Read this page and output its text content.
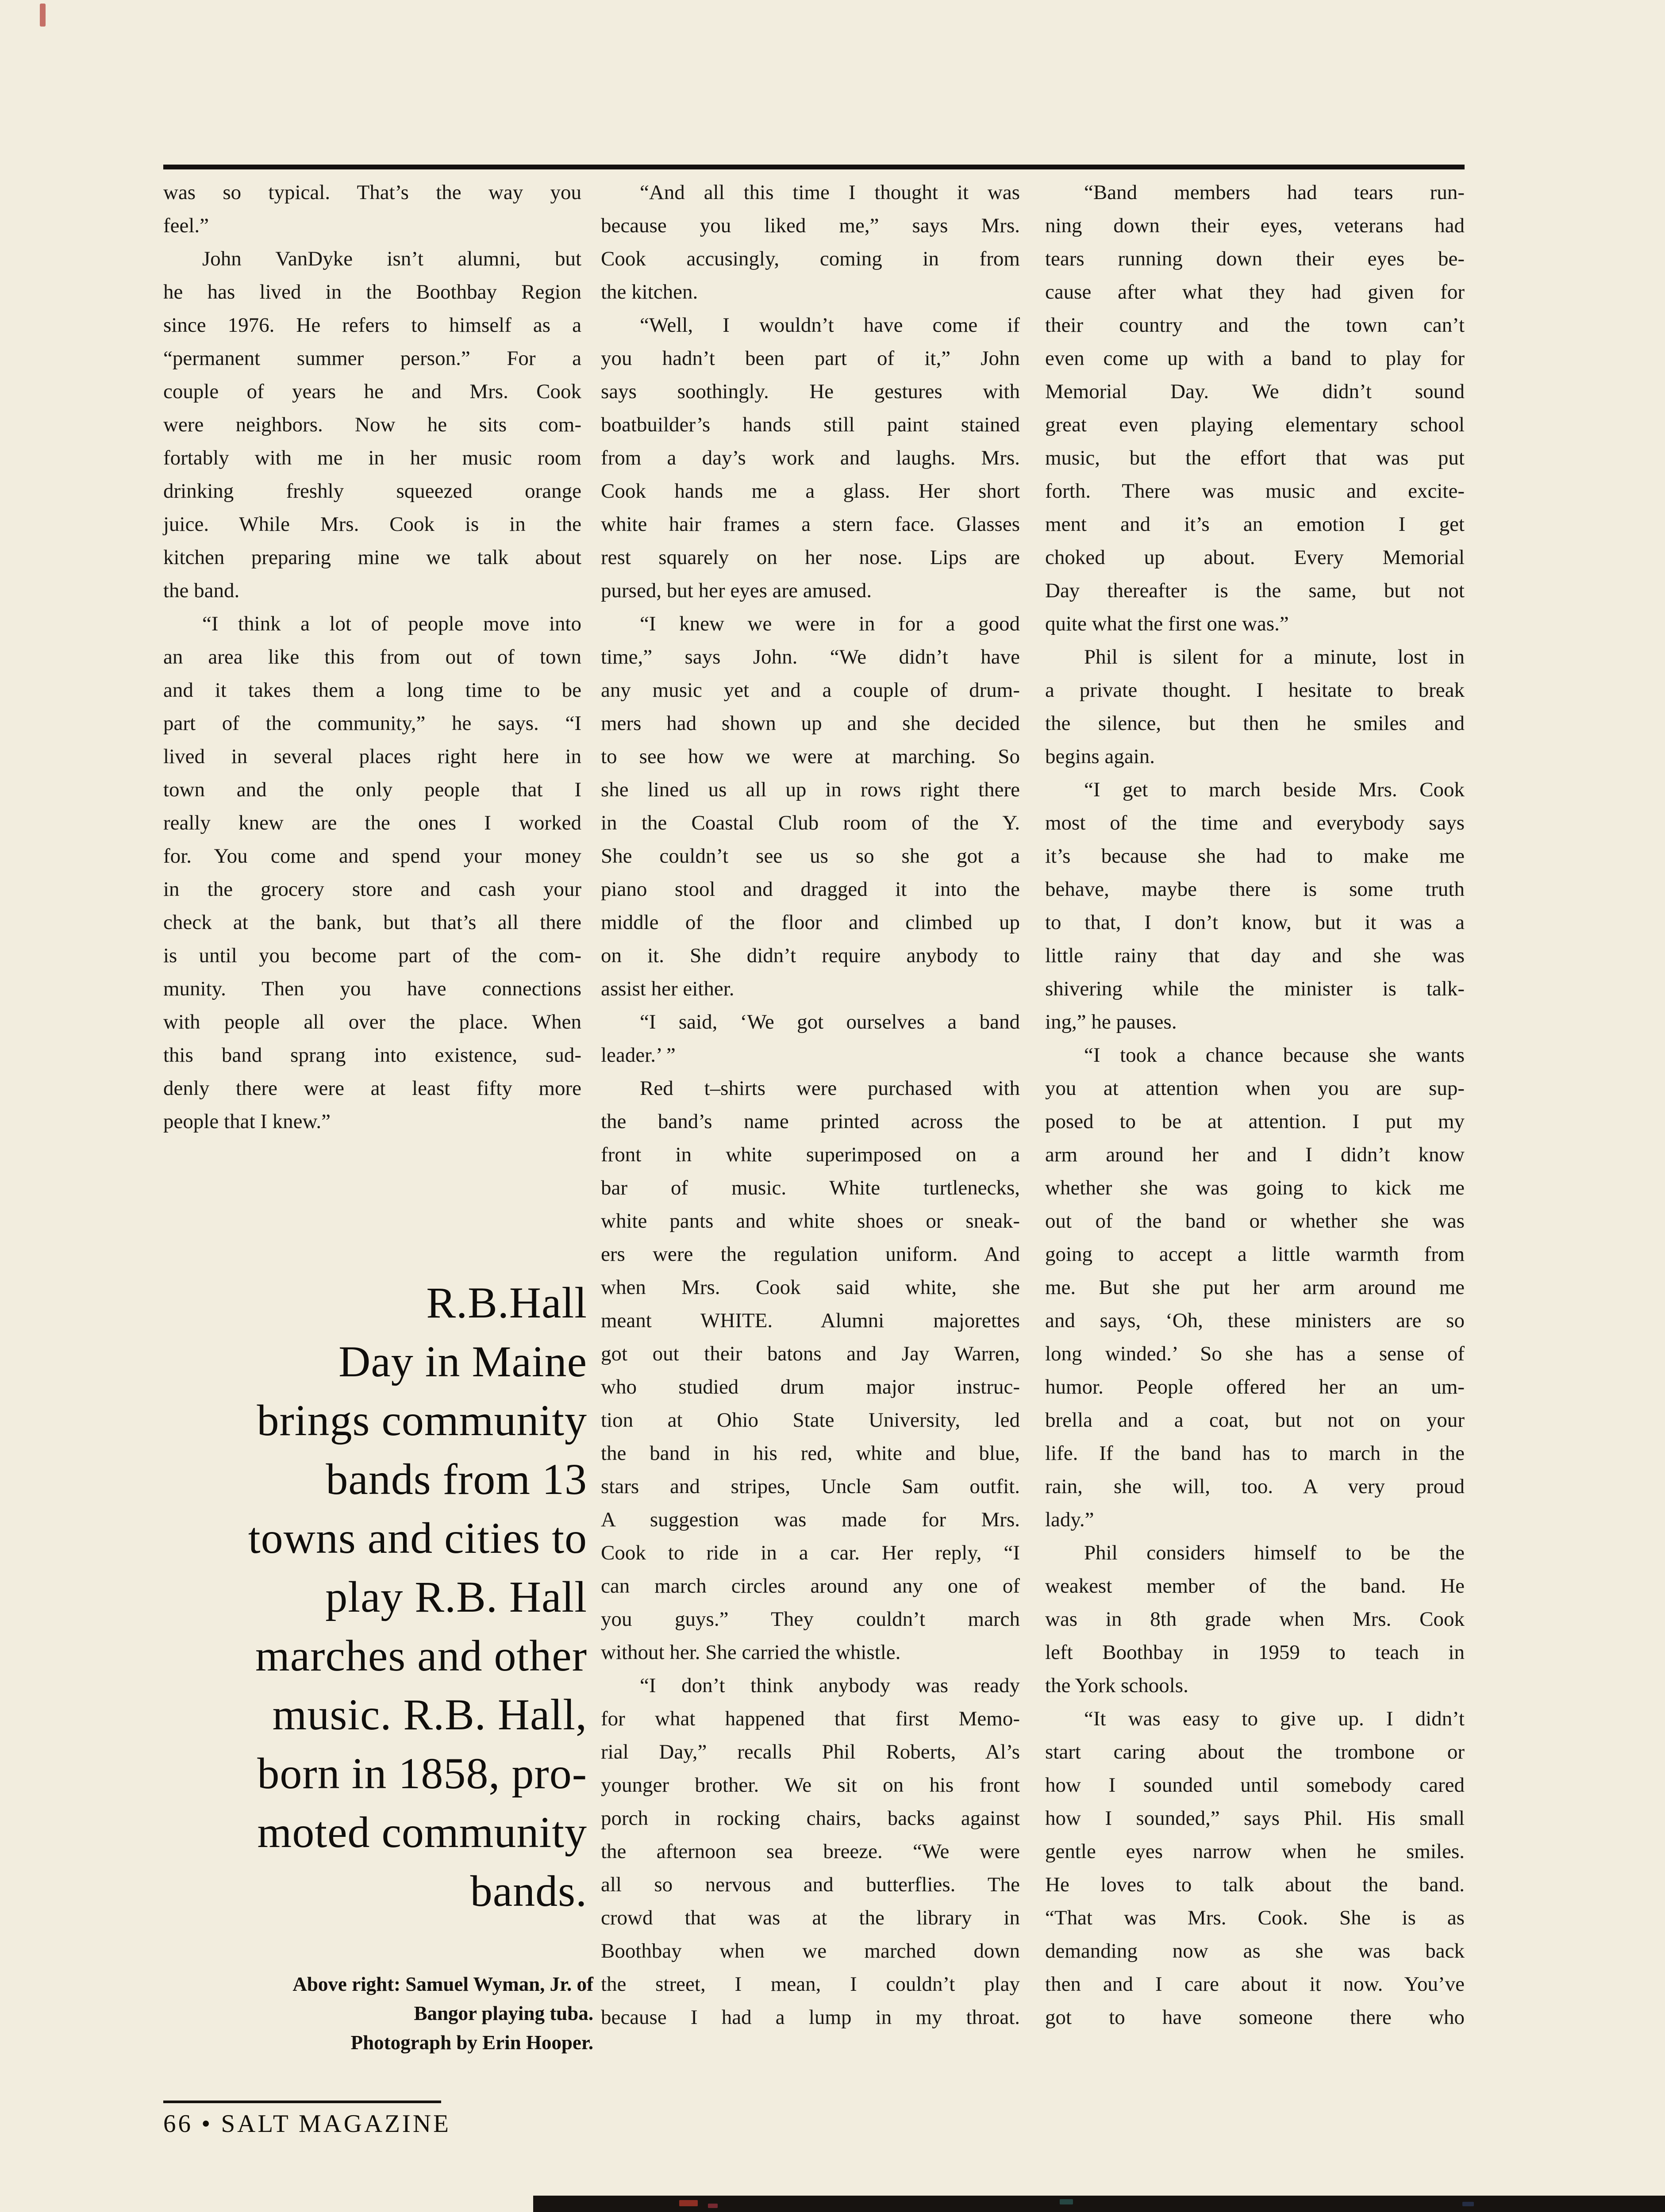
was so typical. That’s the way you
feel.”
John VanDyke isn’t alumni, but
he has lived in the Boothbay Region
since 1976. He refers to himself as a
“permanent summer person.” For a
couple of years he and Mrs. Cook
were neighbors. Now he sits com-
fortably with me in her music room
drinking freshly squeezed orange
juice. While Mrs. Cook is in the
kitchen preparing mine we talk about
the band.
“I think a lot of people move into
an area like this from out of town
and it takes them a long time to be
part of the community,” he says. “I
lived in several places right here in
town and the only people that I
really knew are the ones I worked
for. You come and spend your money
in the grocery store and cash your
check at the bank, but that’s all there
is until you become part of the com-
munity. Then you have connections
with people all over the place. When
this band sprang into existence, sud-
denly there were at least fifty more
people that I knew.”
“And all this time I thought it was
because you liked me,” says Mrs.
Cook accusingly, coming in from
the kitchen.
“Well, I wouldn’t have come if
you hadn’t been part of it,” John
says soothingly. He gestures with
boatbuilder’s hands still paint stained
from a day’s work and laughs. Mrs.
Cook hands me a glass. Her short
white hair frames a stern face. Glasses
rest squarely on her nose. Lips are
pursed, but her eyes are amused.
“I knew we were in for a good
time,” says John. “We didn’t have
any music yet and a couple of drum-
mers had shown up and she decided
to see how we were at marching. So
she lined us all up in rows right there
in the Coastal Club room of the Y.
She couldn’t see us so she got a
piano stool and dragged it into the
middle of the floor and climbed up
on it. She didn’t require anybody to
assist her either.
“I said, ‘We got ourselves a band
leader.’ ”
Red t–shirts were purchased with
the band’s name printed across the
front in white superimposed on a
bar of music. White turtlenecks,
white pants and white shoes or sneak-
ers were the regulation uniform. And
when Mrs. Cook said white, she
meant WHITE. Alumni majorettes
got out their batons and Jay Warren,
who studied drum major instruc-
tion at Ohio State University, led
the band in his red, white and blue,
stars and stripes, Uncle Sam outfit.
A suggestion was made for Mrs.
Cook to ride in a car. Her reply, “I
can march circles around any one of
you guys.” They couldn’t march
without her. She carried the whistle.
“I don’t think anybody was ready
for what happened that first Memo-
rial Day,” recalls Phil Roberts, Al’s
younger brother. We sit on his front
porch in rocking chairs, backs against
the afternoon sea breeze. “We were
all so nervous and butterflies. The
crowd that was at the library in
Boothbay when we marched down
the street, I mean, I couldn’t play
because I had a lump in my throat.
“Band members had tears run-
ning down their eyes, veterans had
tears running down their eyes be-
cause after what they had given for
their country and the town can’t
even come up with a band to play for
Memorial Day. We didn’t sound
great even playing elementary school
music, but the effort that was put
forth. There was music and excite-
ment and it’s an emotion I get
choked up about. Every Memorial
Day thereafter is the same, but not
quite what the first one was.”
Phil is silent for a minute, lost in
a private thought. I hesitate to break
the silence, but then he smiles and
begins again.
“I get to march beside Mrs. Cook
most of the time and everybody says
it’s because she had to make me
behave, maybe there is some truth
to that, I don’t know, but it was a
little rainy that day and she was
shivering while the minister is talk-
ing,” he pauses.
“I took a chance because she wants
you at attention when you are sup-
posed to be at attention. I put my
arm around her and I didn’t know
whether she was going to kick me
out of the band or whether she was
going to accept a little warmth from
me. But she put her arm around me
and says, ‘Oh, these ministers are so
long winded.’ So she has a sense of
humor. People offered her an um-
brella and a coat, but not on your
life. If the band has to march in the
rain, she will, too. A very proud
lady.”
Phil considers himself to be the
weakest member of the band. He
was in 8th grade when Mrs. Cook
left Boothbay in 1959 to teach in
the York schools.
“It was easy to give up. I didn’t
start caring about the trombone or
how I sounded until somebody cared
how I sounded,” says Phil. His small
gentle eyes narrow when he smiles.
He loves to talk about the band.
“That was Mrs. Cook. She is as
demanding now as she was back
then and I care about it now. You’ve
got to have someone there who
R.B.Hall
Day in Maine
brings community
bands from 13
towns and cities to
play R.B. Hall
marches and other
music. R.B. Hall,
born in 1858, pro-
moted community
bands.
Above right: Samuel Wyman, Jr. of
Bangor playing tuba.
Photograph by Erin Hooper.
66 • SALT MAGAZINE
